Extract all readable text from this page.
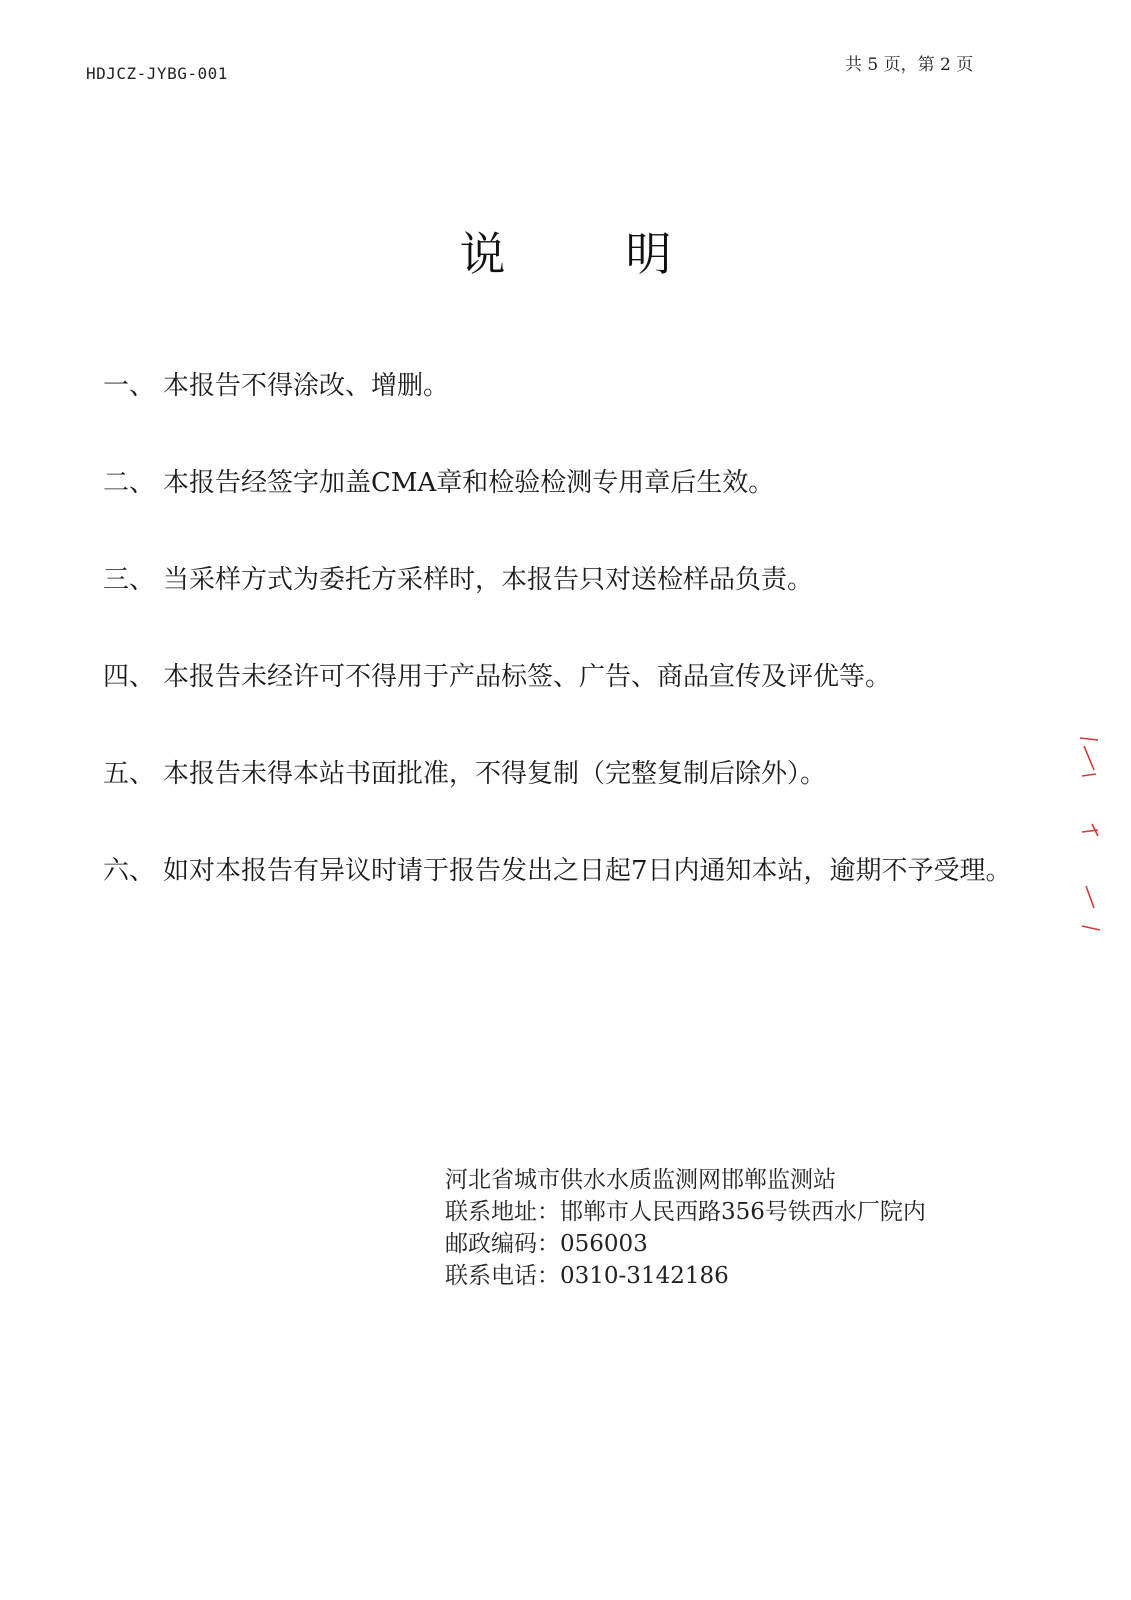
HDJCZ-JYBG-001	共 5 页，第 2 页
说明
一、 本报告不得涂改、增删。
二、 本报告经签字加盖CMA章和检验检测专用章后生效。
三、 当采样方式为委托方采样时，本报告只对送检样品负责。
四、 本报告未经许可不得用于产品标签、广告、商品宣传及评优等。
五、 本报告未得本站书面批准，不得复制（完整复制后除外）。
六、 如对本报告有异议时请于报告发出之日起7日内通知本站，逾期不予受理。
河北省城市供水水质监测网邯郸监测站
联系地址：邯郸市人民西路356号铁西水厂院内
邮政编码：056003
联系电话：0310-3142186
